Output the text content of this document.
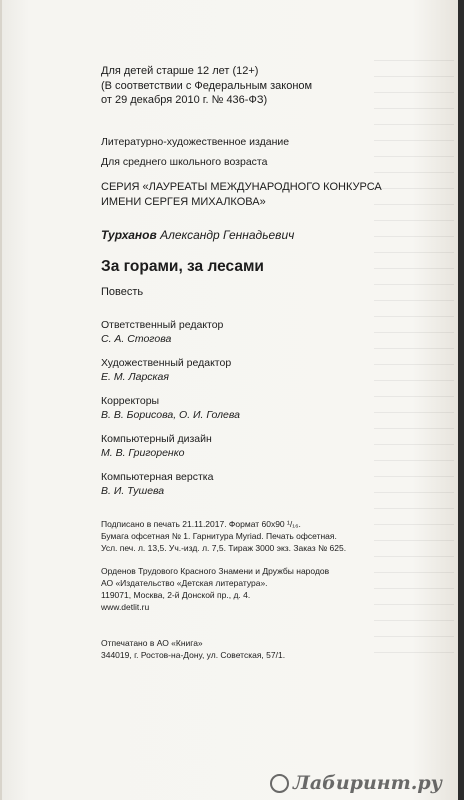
Для детей старше 12 лет (12+)
(В соответствии с Федеральным законом
от 29 декабря 2010 г. № 436-ФЗ)
Литературно-художественное издание
Для среднего школьного возраста
СЕРИЯ «ЛАУРЕАТЫ МЕЖДУНАРОДНОГО КОНКУРСА
ИМЕНИ СЕРГЕЯ МИХАЛКОВА»
Турханов Александр Геннадьевич
За горами, за лесами
Повесть
Ответственный редактор
С. А. Стогова
Художественный редактор
Е. М. Ларская
Корректоры
В. В. Борисова, О. И. Голева
Компьютерный дизайн
М. В. Григоренко
Компьютерная верстка
В. И. Тушева
Подписано в печать 21.11.2017. Формат 60x90 ¹/₁₆.
Бумага офсетная № 1. Гарнитура Myriad. Печать офсетная.
Усл. печ. л. 13,5. Уч.-изд. л. 7,5. Тираж 3000 экз. Заказ № 625.
Орденов Трудового Красного Знамени и Дружбы народов
АО «Издательство «Детская литература».
119071, Москва, 2-й Донской пр., д. 4.
www.detlit.ru
Отпечатано в АО «Книга»
344019, г. Ростов-на-Дону, ул. Советская, 57/1.
Лабиринт.ру
